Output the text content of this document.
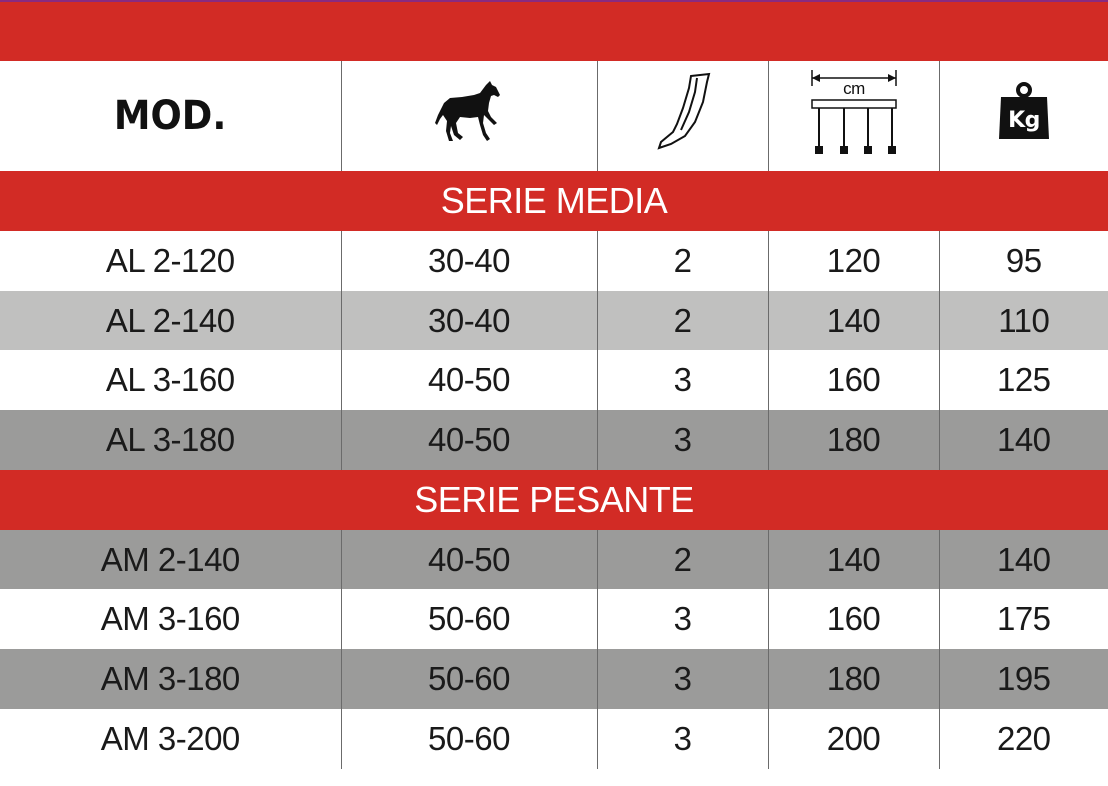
MOD.			cm	Kg

SERIE MEDIA				
AL 2-120	30-40	2	120	95
AL 2-140	30-40	2	140	110
AL 3-160	40-50	3	160	125
AL 3-180	40-50	3	180	140
SERIE PESANTE				
AM 2-140	40-50	2	140	140
AM 3-160	50-60	3	160	175
AM 3-180	50-60	3	180	195
AM 3-200	50-60	3	200	220
